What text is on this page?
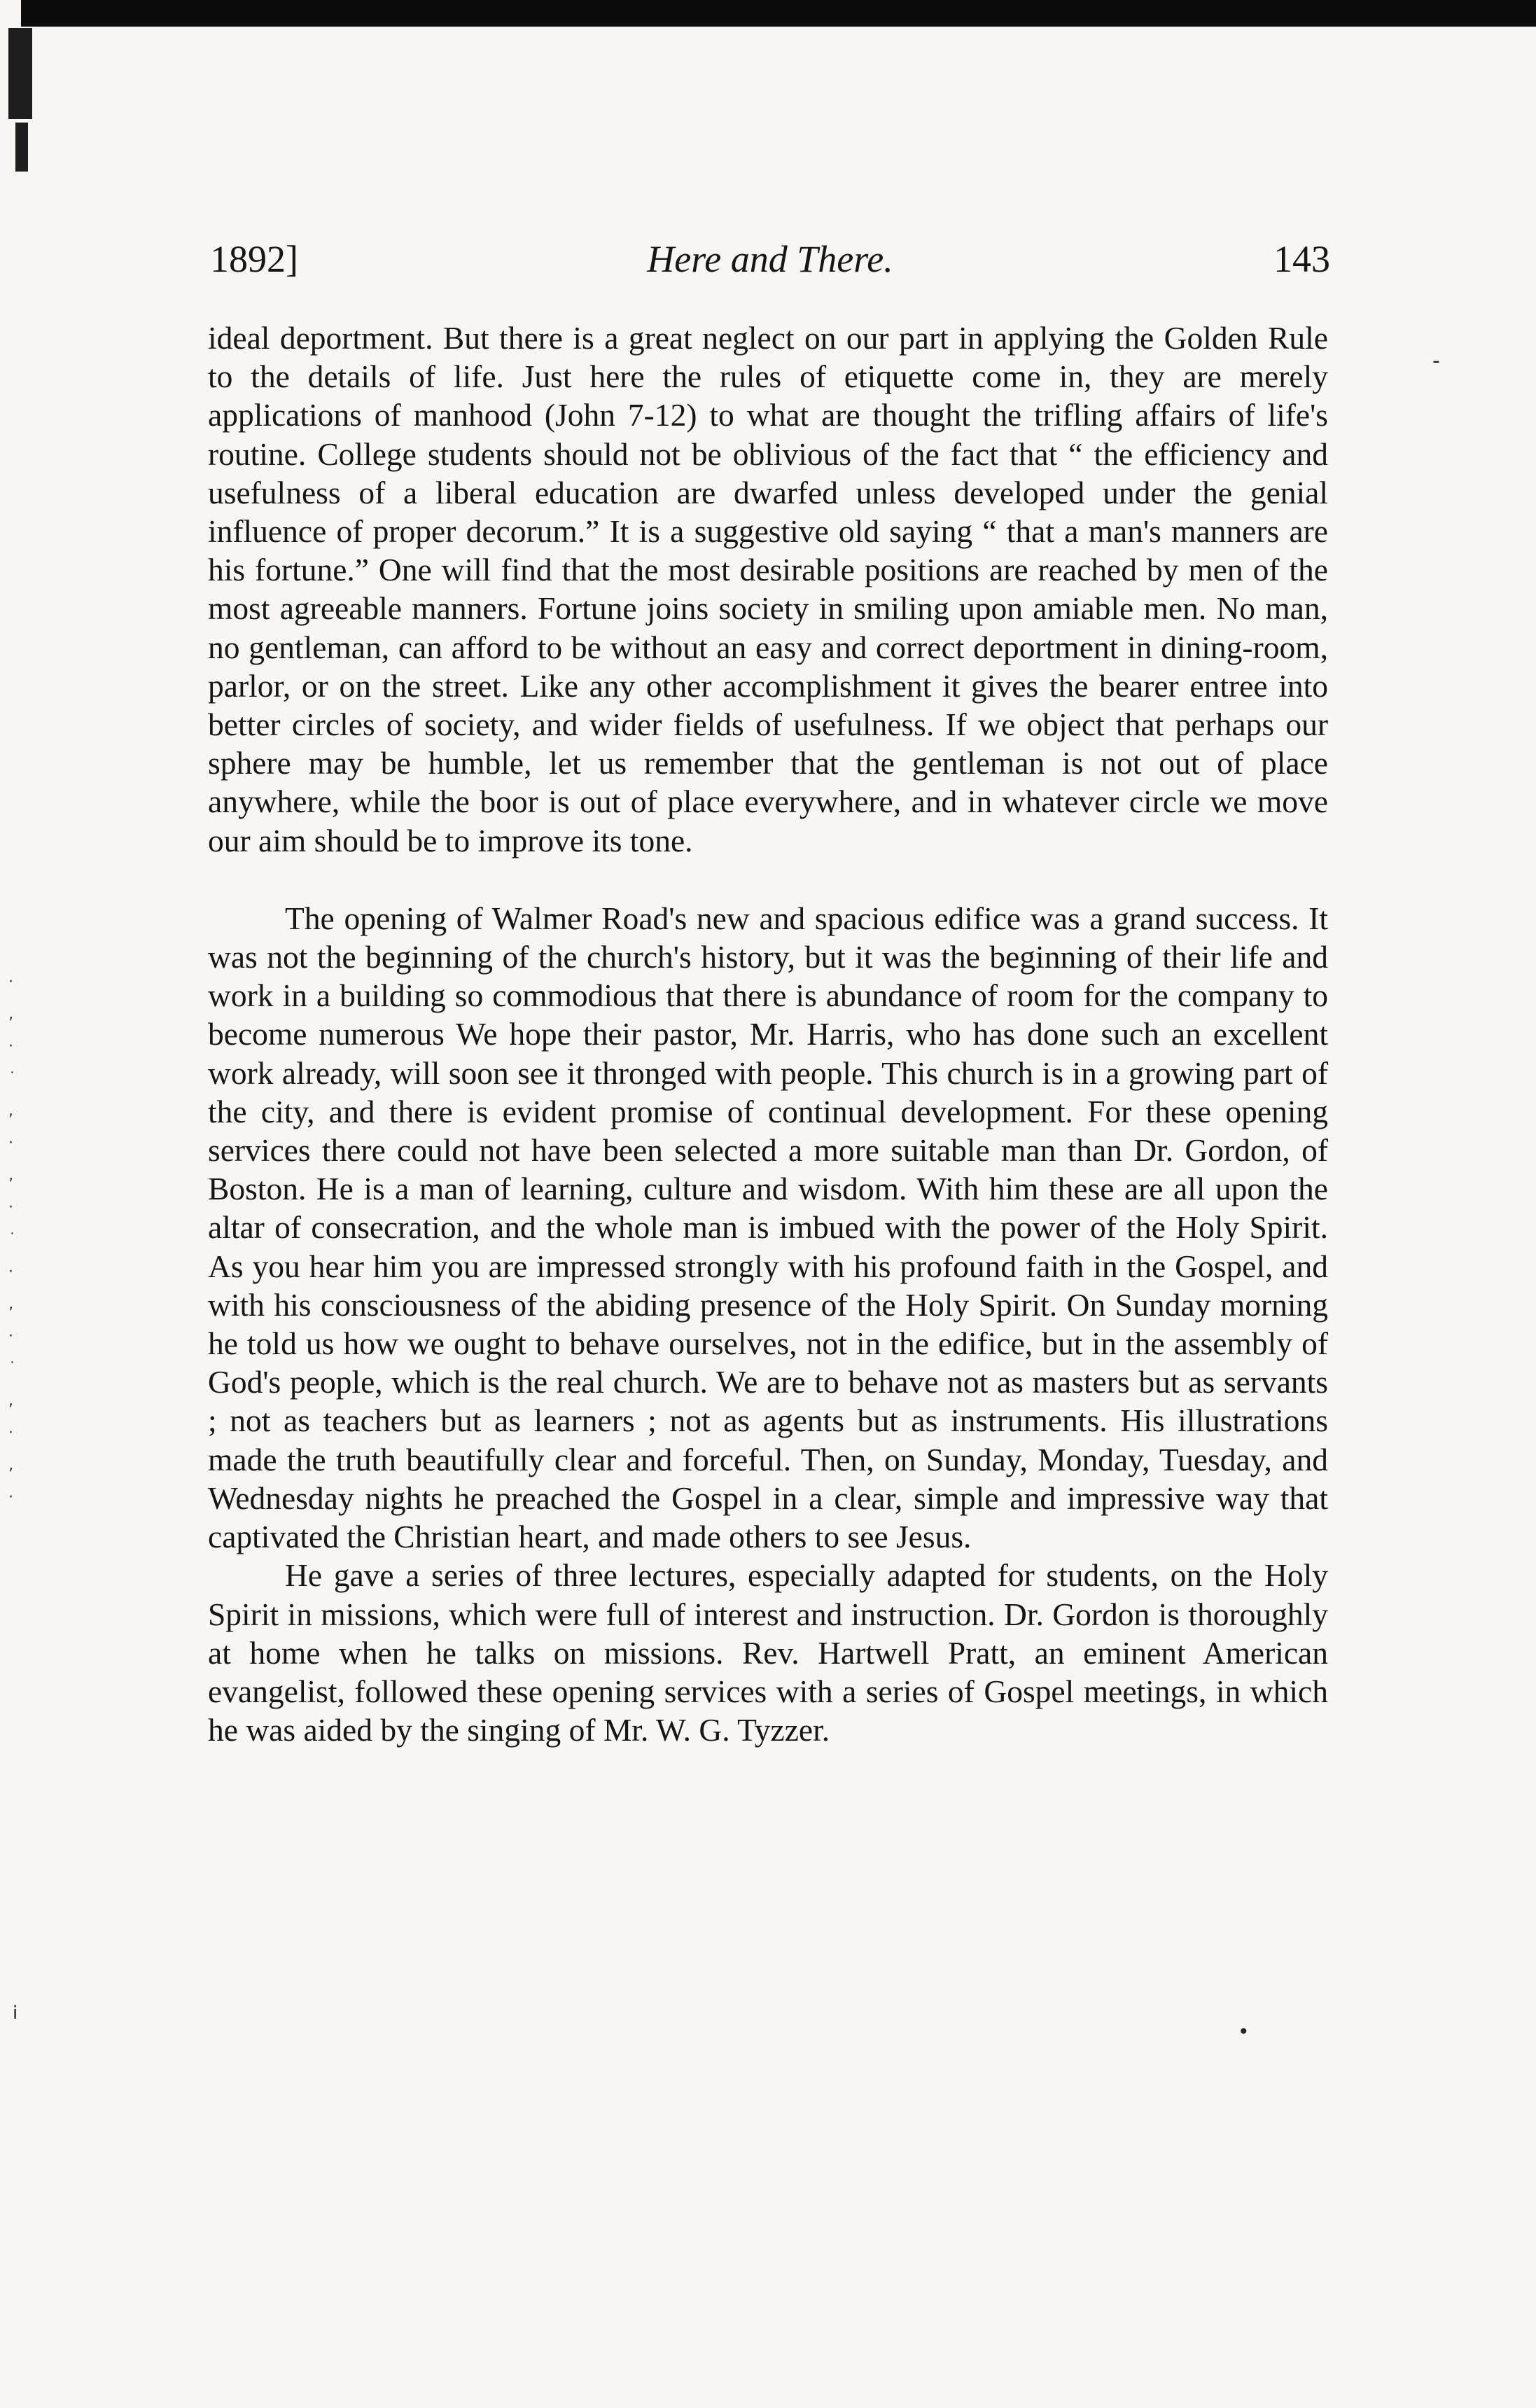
·
‚
·
˙
,
·
‚
·
˙
·
‚
·
˙
,
·
‚
·
-
•
ⅰ
1892]	Here and There.	143

ideal deportment. But there is a great neglect on our part in applying the Golden Rule to the details of life. Just here the rules of etiquette come in, they are merely applications of manhood (John 7-12) to what are thought the trifling affairs of life's routine. College students should not be oblivious of the fact that “ the efficiency and usefulness of a liberal education are dwarfed unless developed under the genial influence of proper decorum.” It is a suggestive old saying “ that a man's manners are his fortune.” One will find that the most desirable positions are reached by men of the most agreeable manners. Fortune joins society in smiling upon amiable men. No man, no gentleman, can afford to be without an easy and correct deportment in dining-room, parlor, or on the street. Like any other accomplishment it gives the bearer entree into better circles of society, and wider fields of usefulness. If we object that perhaps our sphere may be humble, let us remember that the gentleman is not out of place anywhere, while the boor is out of place everywhere, and in whatever circle we move our aim should be to improve its tone.

The opening of Walmer Road's new and spacious edifice was a grand success. It was not the beginning of the church's history, but it was the beginning of their life and work in a building so commodious that there is abundance of room for the company to become numerous We hope their pastor, Mr. Harris, who has done such an excellent work already, will soon see it thronged with people. This church is in a growing part of the city, and there is evident promise of continual development. For these opening services there could not have been selected a more suitable man than Dr. Gordon, of Boston. He is a man of learning, culture and wisdom. With him these are all upon the altar of consecration, and the whole man is imbued with the power of the Holy Spirit. As you hear him you are impressed strongly with his profound faith in the Gospel, and with his consciousness of the abiding presence of the Holy Spirit. On Sunday morning he told us how we ought to behave ourselves, not in the edifice, but in the assembly of God's people, which is the real church. We are to behave not as masters but as servants ; not as teachers but as learners ; not as agents but as instruments. His illustrations made the truth beautifully clear and forceful. Then, on Sunday, Monday, Tuesday, and Wednesday nights he preached the Gospel in a clear, simple and impressive way that captivated the Christian heart, and made others to see Jesus.

He gave a series of three lectures, especially adapted for students, on the Holy Spirit in missions, which were full of interest and instruction. Dr. Gordon is thoroughly at home when he talks on missions. Rev. Hartwell Pratt, an eminent American evangelist, followed these opening services with a series of Gospel meetings, in which he was aided by the singing of Mr. W. G. Tyzzer.
